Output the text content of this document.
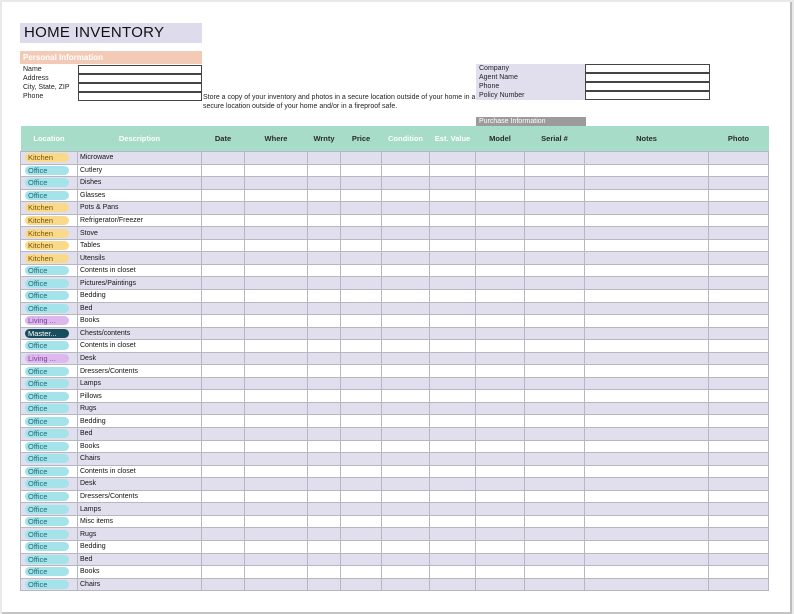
HOME INVENTORY
Personal Information
Name
Address
City, State, ZIP
Phone
Company
Agent Name
Phone
Policy Number
Store a copy of your inventory and photos in a secure location outside of your home in a secure location outside of your home and/or in a fireproof safe.
Purchase Information
Location	Description	Date	Where	Wrnty	Price	Condition	Est. Value	Model	Serial #	Notes	Photo
Kitchen	Microwave										
Office	Cutlery										
Office	Dishes										
Office	Glasses										
Kitchen	Pots & Pans										
Kitchen	Refrigerator/Freezer										
Kitchen	Stove										
Kitchen	Tables										
Kitchen	Utensils										
Office	Contents in closet										
Office	Pictures/Paintings										
Office	Bedding										
Office	Bed										
Living ...	Books										
Master...	Chests/contents										
Office	Contents in closet										
Living ...	Desk										
Office	Dressers/Contents										
Office	Lamps										
Office	Pillows										
Office	Rugs										
Office	Bedding										
Office	Bed										
Office	Books										
Office	Chairs										
Office	Contents in closet										
Office	Desk										
Office	Dressers/Contents										
Office	Lamps										
Office	Misc items										
Office	Rugs										
Office	Bedding										
Office	Bed										
Office	Books										
Office	Chairs										
